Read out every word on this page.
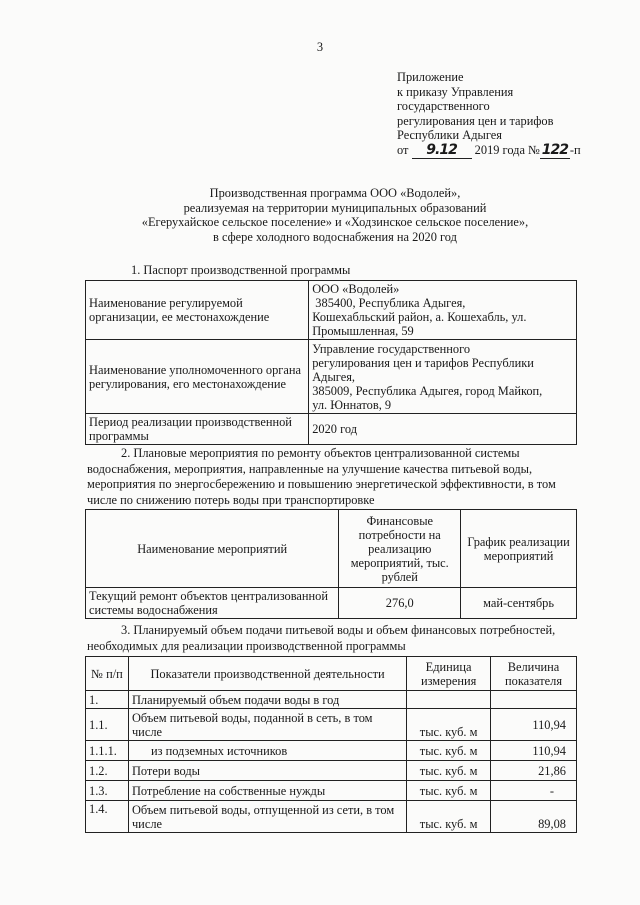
3
Приложение
к приказу Управления
государственного
регулирования цен и тарифов
Республики Адыгея
от 9.12 2019 года № 122 -п
Производственная программа ООО «Водолей»,
реализуемая на территории муниципальных образований
«Егерухайское сельское поселение» и «Ходзинское сельское поселение»,
в сфере холодного водоснабжения на 2020 год
1. Паспорт производственной программы
Наименование регулируемой организации, ее местонахождение	ООО «Водолей»
385400, Республика Адыгея,
Кошехабльский район, а. Кошехабль, ул.
Промышленная, 59

Наименование уполномоченного органа регулирования, его местонахождение	Управление государственного
регулирования цен и тарифов Республики
Адыгея,
385009, Республика Адыгея, город Майкоп,
ул. Юннатов, 9

Период реализации производственной программы	2020 год
2. Плановые мероприятия по ремонту объектов централизованной системы
водоснабжения, мероприятия, направленные на улучшение качества питьевой воды,
мероприятия по энергосбережению и повышению энергетической эффективности, в том
числе по снижению потерь воды при транспортировке
Наименование мероприятий	Финансовые потребности на реализацию мероприятий, тыс. рублей	График реализации мероприятий
Текущий ремонт объектов централизованной системы водоснабжения	276,0	май-сентябрь
3. Планируемый объем подачи питьевой воды и объем финансовых потребностей,
необходимых для реализации производственной программы
№ п/п	Показатели производственной деятельности	Единица измерения	Величина показателя
1.	Планируемый объем подачи воды в год		
1.1.	Объем питьевой воды, поданной в сеть, в том числе	тыс. куб. м	110,94
1.1.1.	из подземных источников	тыс. куб. м	110,94
1.2.	Потери воды	тыс. куб. м	21,86
1.3.	Потребление на собственные нужды	тыс. куб. м	-
1.4.	Объем питьевой воды, отпущенной из сети, в том числе	тыс. куб. м	89,08
